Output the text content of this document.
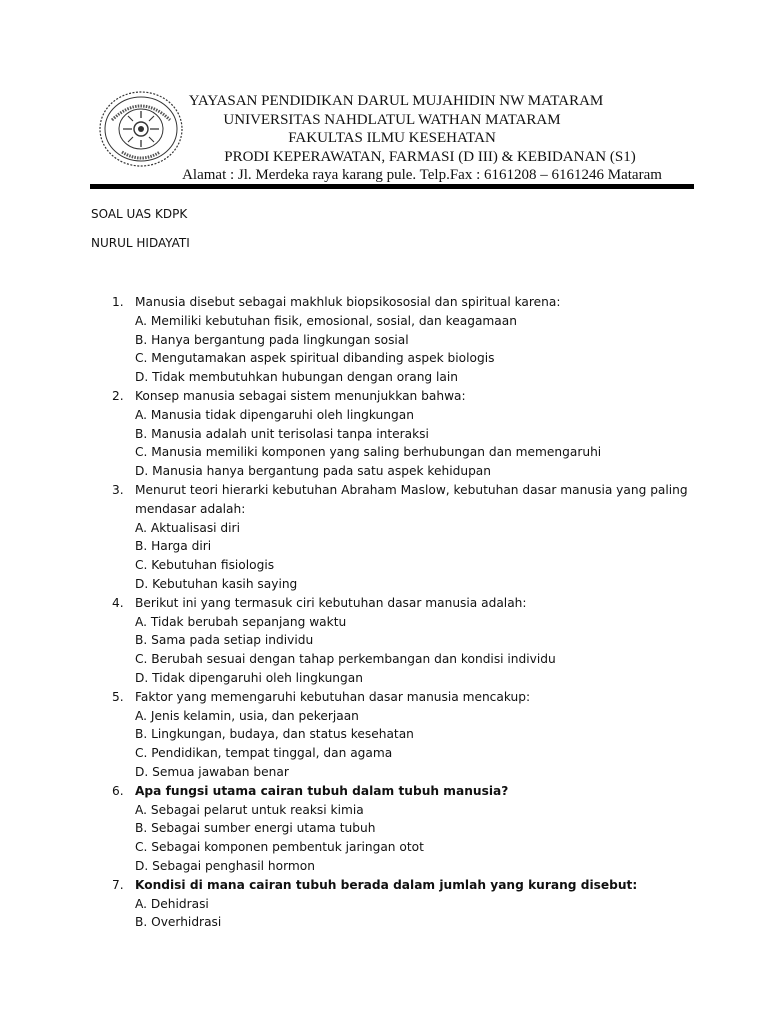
YAYASAN PENDIDIKAN DARUL MUJAHIDIN NW MATARAM
UNIVERSITAS NAHDLATUL WATHAN MATARAM
FAKULTAS ILMU KESEHATAN
PRODI KEPERAWATAN, FARMASI (D III) & KEBIDANAN (S1)
Alamat : Jl. Merdeka raya karang pule. Telp.Fax : 6161208 – 6161246 Mataram
SOAL UAS KDPK
NURUL HIDAYATI
1. Manusia disebut sebagai makhluk biopsikososial dan spiritual karena:
A. Memiliki kebutuhan fisik, emosional, sosial, dan keagamaan
B. Hanya bergantung pada lingkungan sosial
C. Mengutamakan aspek spiritual dibanding aspek biologis
D. Tidak membutuhkan hubungan dengan orang lain
2. Konsep manusia sebagai sistem menunjukkan bahwa:
A. Manusia tidak dipengaruhi oleh lingkungan
B. Manusia adalah unit terisolasi tanpa interaksi
C. Manusia memiliki komponen yang saling berhubungan dan memengaruhi
D. Manusia hanya bergantung pada satu aspek kehidupan
3. Menurut teori hierarki kebutuhan Abraham Maslow, kebutuhan dasar manusia yang paling mendasar adalah:
A. Aktualisasi diri
B. Harga diri
C. Kebutuhan fisiologis
D. Kebutuhan kasih saying
4. Berikut ini yang termasuk ciri kebutuhan dasar manusia adalah:
A. Tidak berubah sepanjang waktu
B. Sama pada setiap individu
C. Berubah sesuai dengan tahap perkembangan dan kondisi individu
D. Tidak dipengaruhi oleh lingkungan
5. Faktor yang memengaruhi kebutuhan dasar manusia mencakup:
A. Jenis kelamin, usia, dan pekerjaan
B. Lingkungan, budaya, dan status kesehatan
C. Pendidikan, tempat tinggal, dan agama
D. Semua jawaban benar
6. Apa fungsi utama cairan tubuh dalam tubuh manusia?
A. Sebagai pelarut untuk reaksi kimia
B. Sebagai sumber energi utama tubuh
C. Sebagai komponen pembentuk jaringan otot
D. Sebagai penghasil hormon
7. Kondisi di mana cairan tubuh berada dalam jumlah yang kurang disebut:
A. Dehidrasi
B. Overhidrasi
